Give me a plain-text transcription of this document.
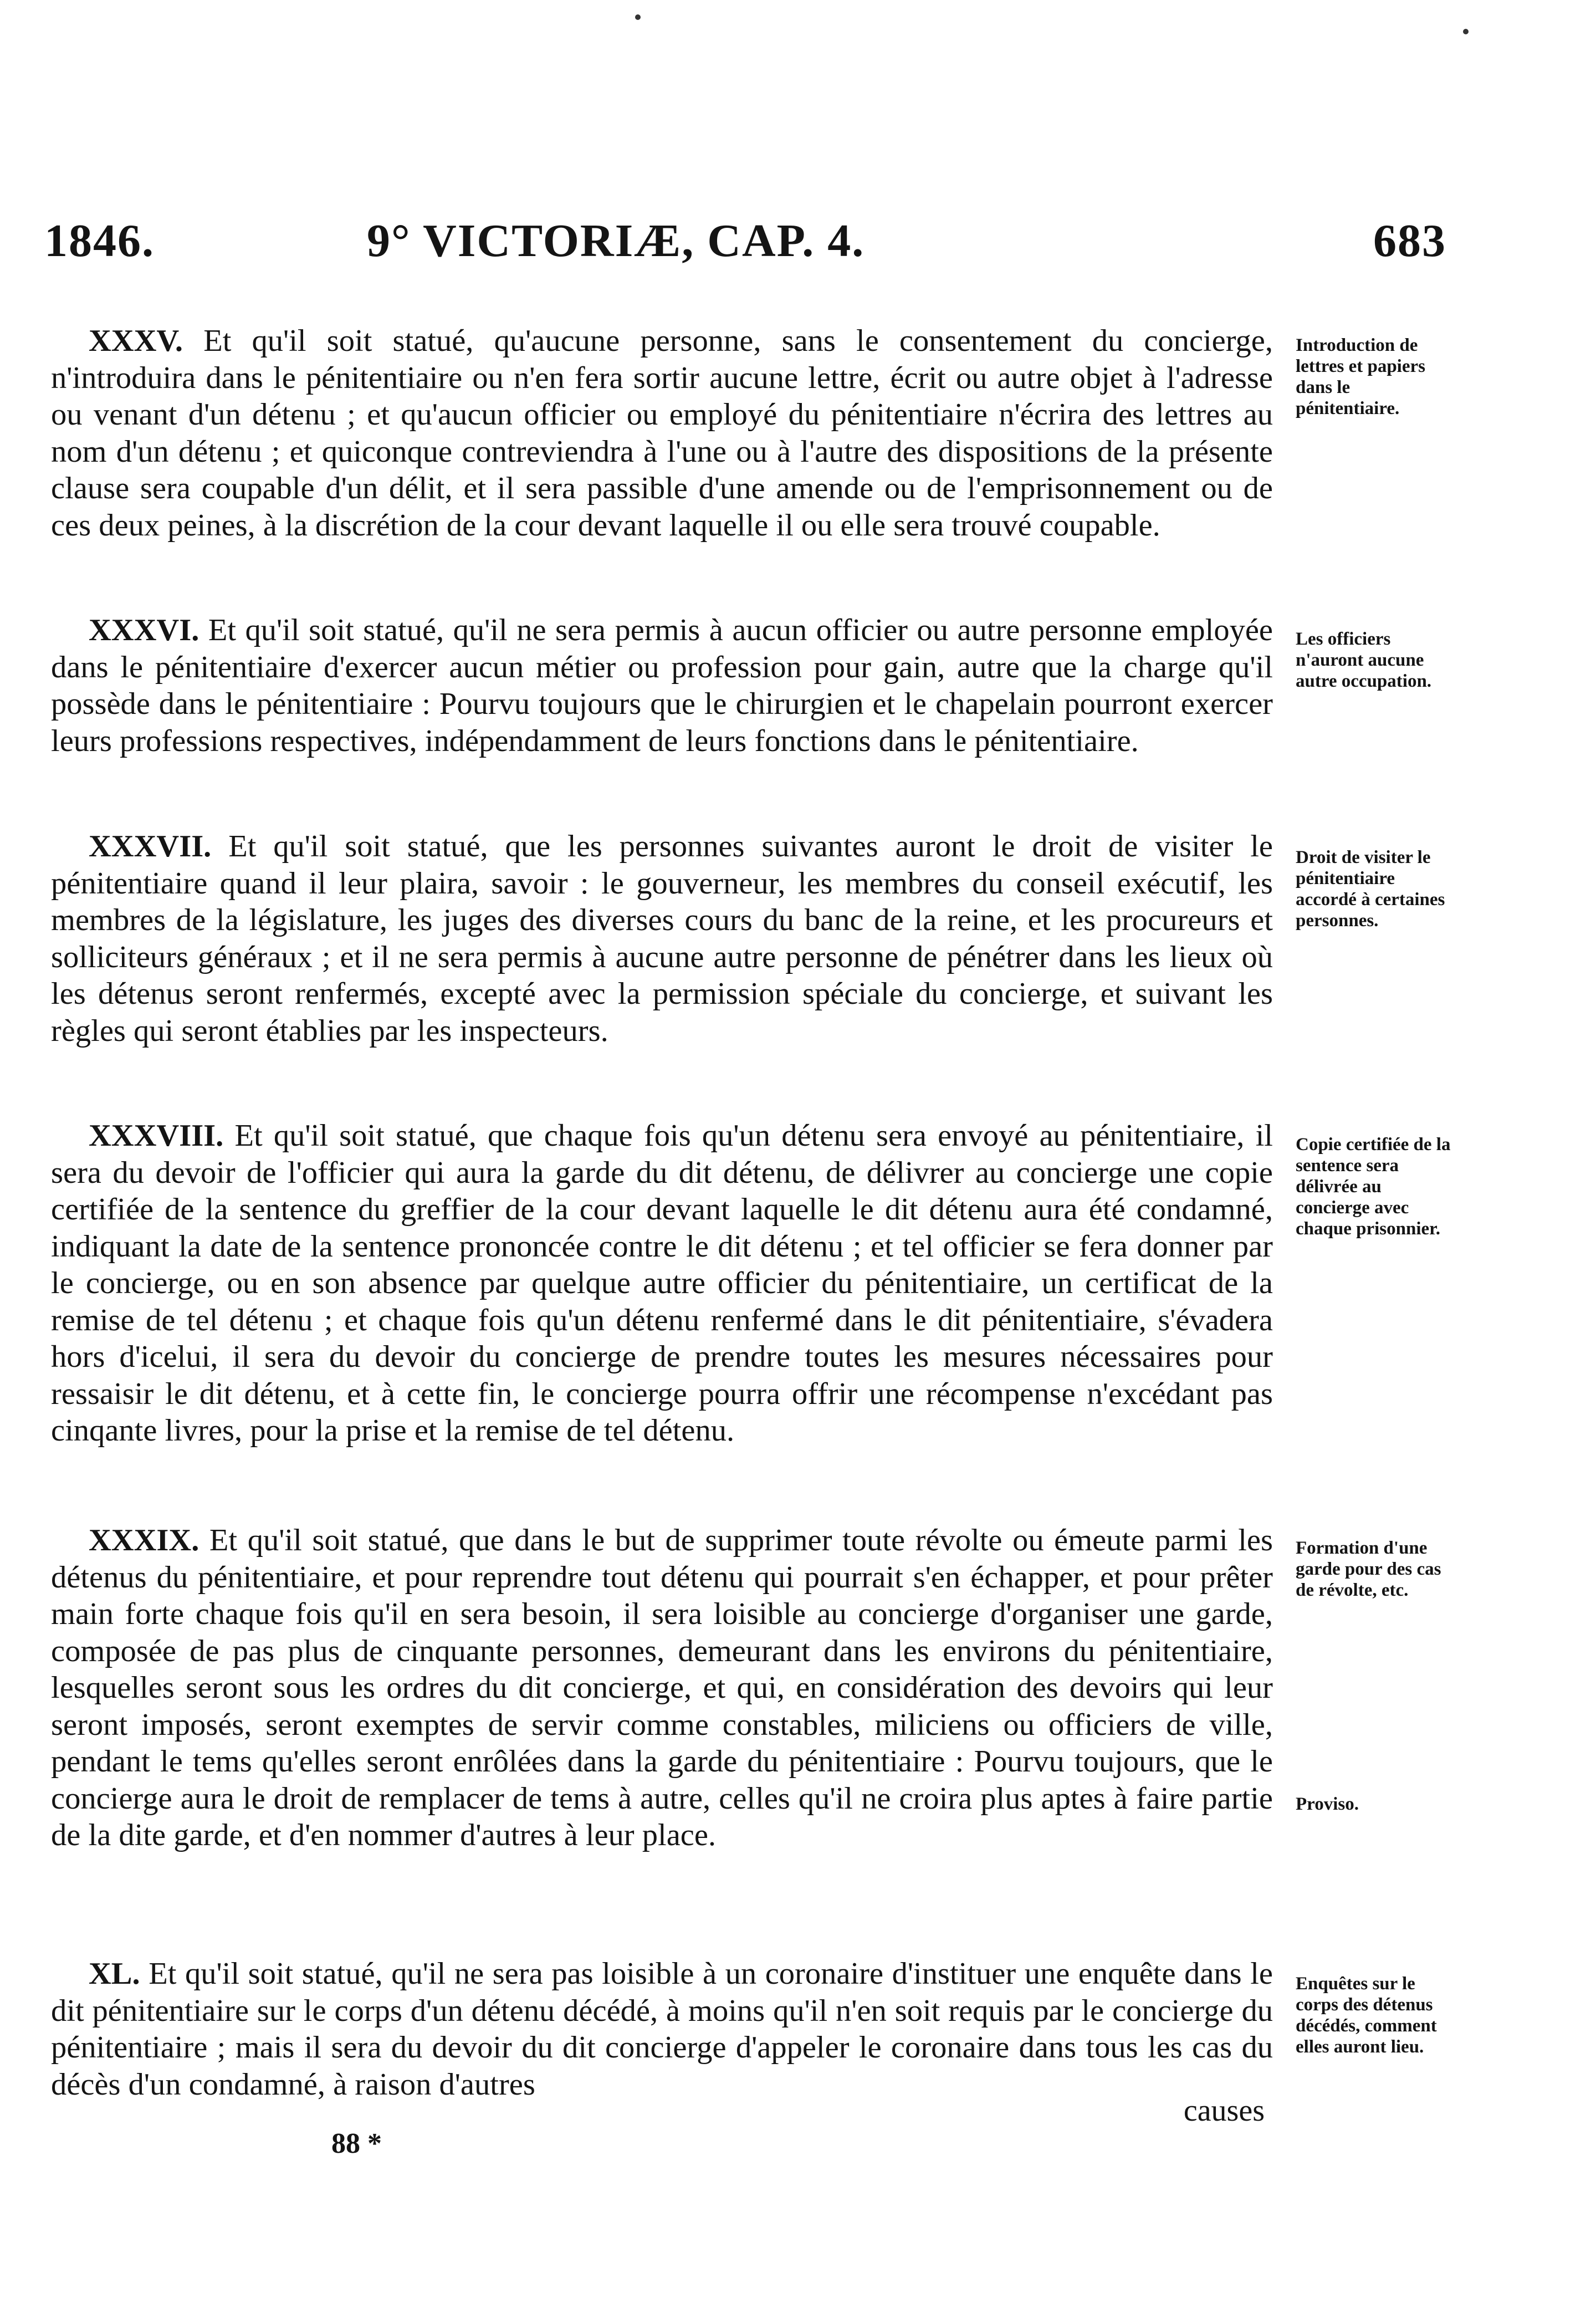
1846.	9° VICTORIÆ, CAP. 4.	683

XXXV. Et qu'il soit statué, qu'aucune personne, sans le consentement du concierge, n'introduira dans le pénitentiaire ou n'en fera sortir aucune lettre, écrit ou autre objet à l'adresse ou venant d'un détenu ; et qu'aucun officier ou employé du pénitentiaire n'écrira des lettres au nom d'un détenu ; et quiconque contreviendra à l'une ou à l'autre des dispositions de la présente clause sera coupable d'un délit, et il sera passible d'une amende ou de l'emprisonnement ou de ces deux peines, à la discrétion de la cour devant laquelle il ou elle sera trouvé coupable.

Introduction de lettres et papiers dans le pénitentiaire.

XXXVI. Et qu'il soit statué, qu'il ne sera permis à aucun officier ou autre personne employée dans le pénitentiaire d'exercer aucun métier ou profession pour gain, autre que la charge qu'il possède dans le pénitentiaire : Pourvu toujours que le chirurgien et le chapelain pourront exercer leurs professions respectives, indépendamment de leurs fonctions dans le pénitentiaire.

Les officiers n'auront aucune autre occupation.

XXXVII. Et qu'il soit statué, que les personnes suivantes auront le droit de visiter le pénitentiaire quand il leur plaira, savoir : le gouverneur, les membres du conseil exécutif, les membres de la législature, les juges des diverses cours du banc de la reine, et les procureurs et solliciteurs généraux ; et il ne sera permis à aucune autre personne de pénétrer dans les lieux où les détenus seront renfermés, excepté avec la permission spéciale du concierge, et suivant les règles qui seront établies par les inspecteurs.

Droit de visiter le pénitentiaire accordé à certaines personnes.

XXXVIII. Et qu'il soit statué, que chaque fois qu'un détenu sera envoyé au pénitentiaire, il sera du devoir de l'officier qui aura la garde du dit détenu, de délivrer au concierge une copie certifiée de la sentence du greffier de la cour devant laquelle le dit détenu aura été condamné, indiquant la date de la sentence prononcée contre le dit détenu ; et tel officier se fera donner par le concierge, ou en son absence par quelque autre officier du pénitentiaire, un certificat de la remise de tel détenu ; et chaque fois qu'un détenu renfermé dans le dit pénitentiaire, s'évadera hors d'icelui, il sera du devoir du concierge de prendre toutes les mesures nécessaires pour ressaisir le dit détenu, et à cette fin, le concierge pourra offrir une récompense n'excédant pas cinqante livres, pour la prise et la remise de tel détenu.

Copie certifiée de la sentence sera délivrée au concierge avec chaque prisonnier.

XXXIX. Et qu'il soit statué, que dans le but de supprimer toute révolte ou émeute parmi les détenus du pénitentiaire, et pour reprendre tout détenu qui pourrait s'en échapper, et pour prêter main forte chaque fois qu'il en sera besoin, il sera loisible au concierge d'organiser une garde, composée de pas plus de cinquante personnes, demeurant dans les environs du pénitentiaire, lesquelles seront sous les ordres du dit concierge, et qui, en considération des devoirs qui leur seront imposés, seront exemptes de servir comme constables, miliciens ou officiers de ville, pendant le tems qu'elles seront enrôlées dans la garde du pénitentiaire : Pourvu toujours, que le concierge aura le droit de remplacer de tems à autre, celles qu'il ne croira plus aptes à faire partie de la dite garde, et d'en nommer d'autres à leur place.

Formation d'une garde pour des cas de révolte, etc.

Proviso.

XL. Et qu'il soit statué, qu'il ne sera pas loisible à un coronaire d'instituer une enquête dans le dit pénitentiaire sur le corps d'un détenu décédé, à moins qu'il n'en soit requis par le concierge du pénitentiaire ; mais il sera du devoir du dit concierge d'appeler le coronaire dans tous les cas du décès d'un condamné, à raison d'autres

Enquêtes sur le corps des détenus décédés, comment elles auront lieu.

causes
88 *
